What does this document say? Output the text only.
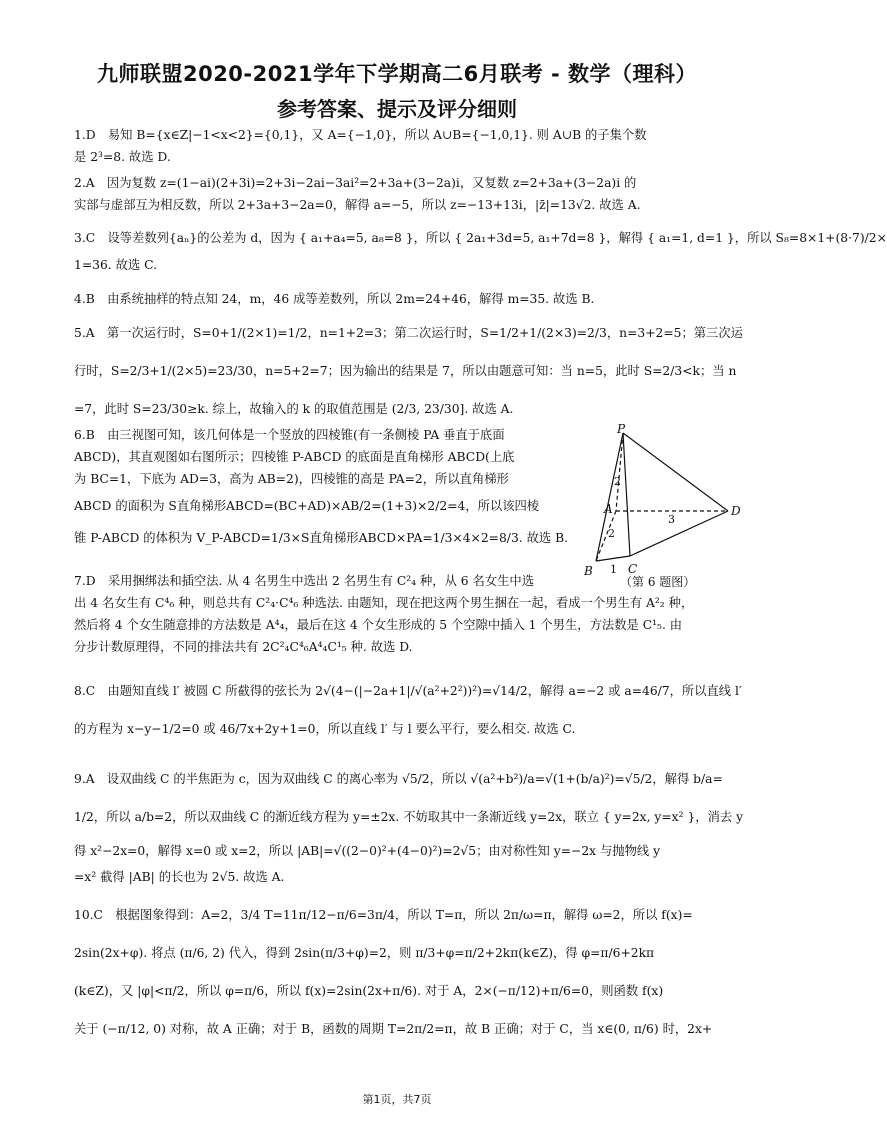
九师联盟2020-2021学年下学期高二6月联考 - 数学（理科）
参考答案、提示及评分细则
1.D　易知 B={x∈Z|−1<x<2}={0,1}，又 A={−1,0}，所以 A∪B={−1,0,1}. 则 A∪B 的子集个数
是 2³=8. 故选 D.
2.A　因为复数 z=(1−ai)(2+3i)=2+3i−2ai−3ai²=2+3a+(3−2a)i，又复数 z=2+3a+(3−2a)i 的
实部与虚部互为相反数，所以 2+3a+3−2a=0，解得 a=−5，所以 z=−13+13i，|z̄|=13√2. 故选 A.
3.C　设等差数列{aₙ}的公差为 d，因为 { a₁+a₄=5, a₈=8 }，所以 { 2a₁+3d=5, a₁+7d=8 }，解得 { a₁=1, d=1 }，所以 S₈=8×1+(8·7)/2×
1=36. 故选 C.
4.B　由系统抽样的特点知 24，m，46 成等差数列，所以 2m=24+46，解得 m=35. 故选 B.
5.A　第一次运行时，S=0+1/(2×1)=1/2，n=1+2=3；第二次运行时，S=1/2+1/(2×3)=2/3，n=3+2=5；第三次运
行时，S=2/3+1/(2×5)=23/30，n=5+2=7；因为输出的结果是 7，所以由题意可知：当 n=5，此时 S=2/3<k；当 n
=7，此时 S=23/30≥k. 综上，故输入的 k 的取值范围是 (2/3, 23/30]. 故选 A.
6.B　由三视图可知，该几何体是一个竖放的四棱锥(有一条侧棱 PA 垂直于底面
ABCD)，其直观图如右图所示；四棱锥 P-ABCD 的底面是直角梯形 ABCD(上底
为 BC=1，下底为 AD=3，高为 AB=2)，四棱锥的高是 PA=2，所以直角梯形
ABCD 的面积为 S直角梯形ABCD=(BC+AD)×AB/2=(1+3)×2/2=4，所以该四棱
锥 P-ABCD 的体积为 V_P-ABCD=1/3×S直角梯形ABCD×PA=1/3×4×2=8/3. 故选 B.
P
A
B	C
D
2
2
3
1
（第 6 题图）
7.D　采用捆绑法和插空法. 从 4 名男生中选出 2 名男生有 C²₄ 种，从 6 名女生中选
出 4 名女生有 C⁴₆ 种，则总共有 C²₄·C⁴₆ 种选法. 由题知，现在把这两个男生捆在一起，看成一个男生有 A²₂ 种，
然后将 4 个女生随意排的方法数是 A⁴₄，最后在这 4 个女生形成的 5 个空隙中插入 1 个男生，方法数是 C¹₅. 由
分步计数原理得，不同的排法共有 2C²₄C⁴₆A⁴₄C¹₅ 种. 故选 D.
8.C　由题知直线 l′ 被圆 C 所截得的弦长为 2√(4−(|−2a+1|/√(a²+2²))²)=√14/2，解得 a=−2 或 a=46/7，所以直线 l′
的方程为 x−y−1/2=0 或 46/7x+2y+1=0，所以直线 l′ 与 l 要么平行，要么相交. 故选 C.
9.A　设双曲线 C 的半焦距为 c，因为双曲线 C 的离心率为 √5/2，所以 √(a²+b²)/a=√(1+(b/a)²)=√5/2，解得 b/a=
1/2，所以 a/b=2，所以双曲线 C 的渐近线方程为 y=±2x. 不妨取其中一条渐近线 y=2x，联立 { y=2x, y=x² }，消去 y
得 x²−2x=0，解得 x=0 或 x=2，所以 |AB|=√((2−0)²+(4−0)²)=2√5；由对称性知 y=−2x 与抛物线 y
=x² 截得 |AB| 的长也为 2√5. 故选 A.
10.C　根据图象得到：A=2，3/4 T=11π/12−π/6=3π/4，所以 T=π，所以 2π/ω=π，解得 ω=2，所以 f(x)=
2sin(2x+φ). 将点 (π/6, 2) 代入，得到 2sin(π/3+φ)=2，则 π/3+φ=π/2+2kπ(k∈Z)，得 φ=π/6+2kπ
(k∈Z)，又 |φ|<π/2，所以 φ=π/6，所以 f(x)=2sin(2x+π/6). 对于 A，2×(−π/12)+π/6=0，则函数 f(x)
关于 (−π/12, 0) 对称，故 A 正确；对于 B，函数的周期 T=2π/2=π，故 B 正确；对于 C，当 x∈(0, π/6) 时，2x+
第1页，共7页
